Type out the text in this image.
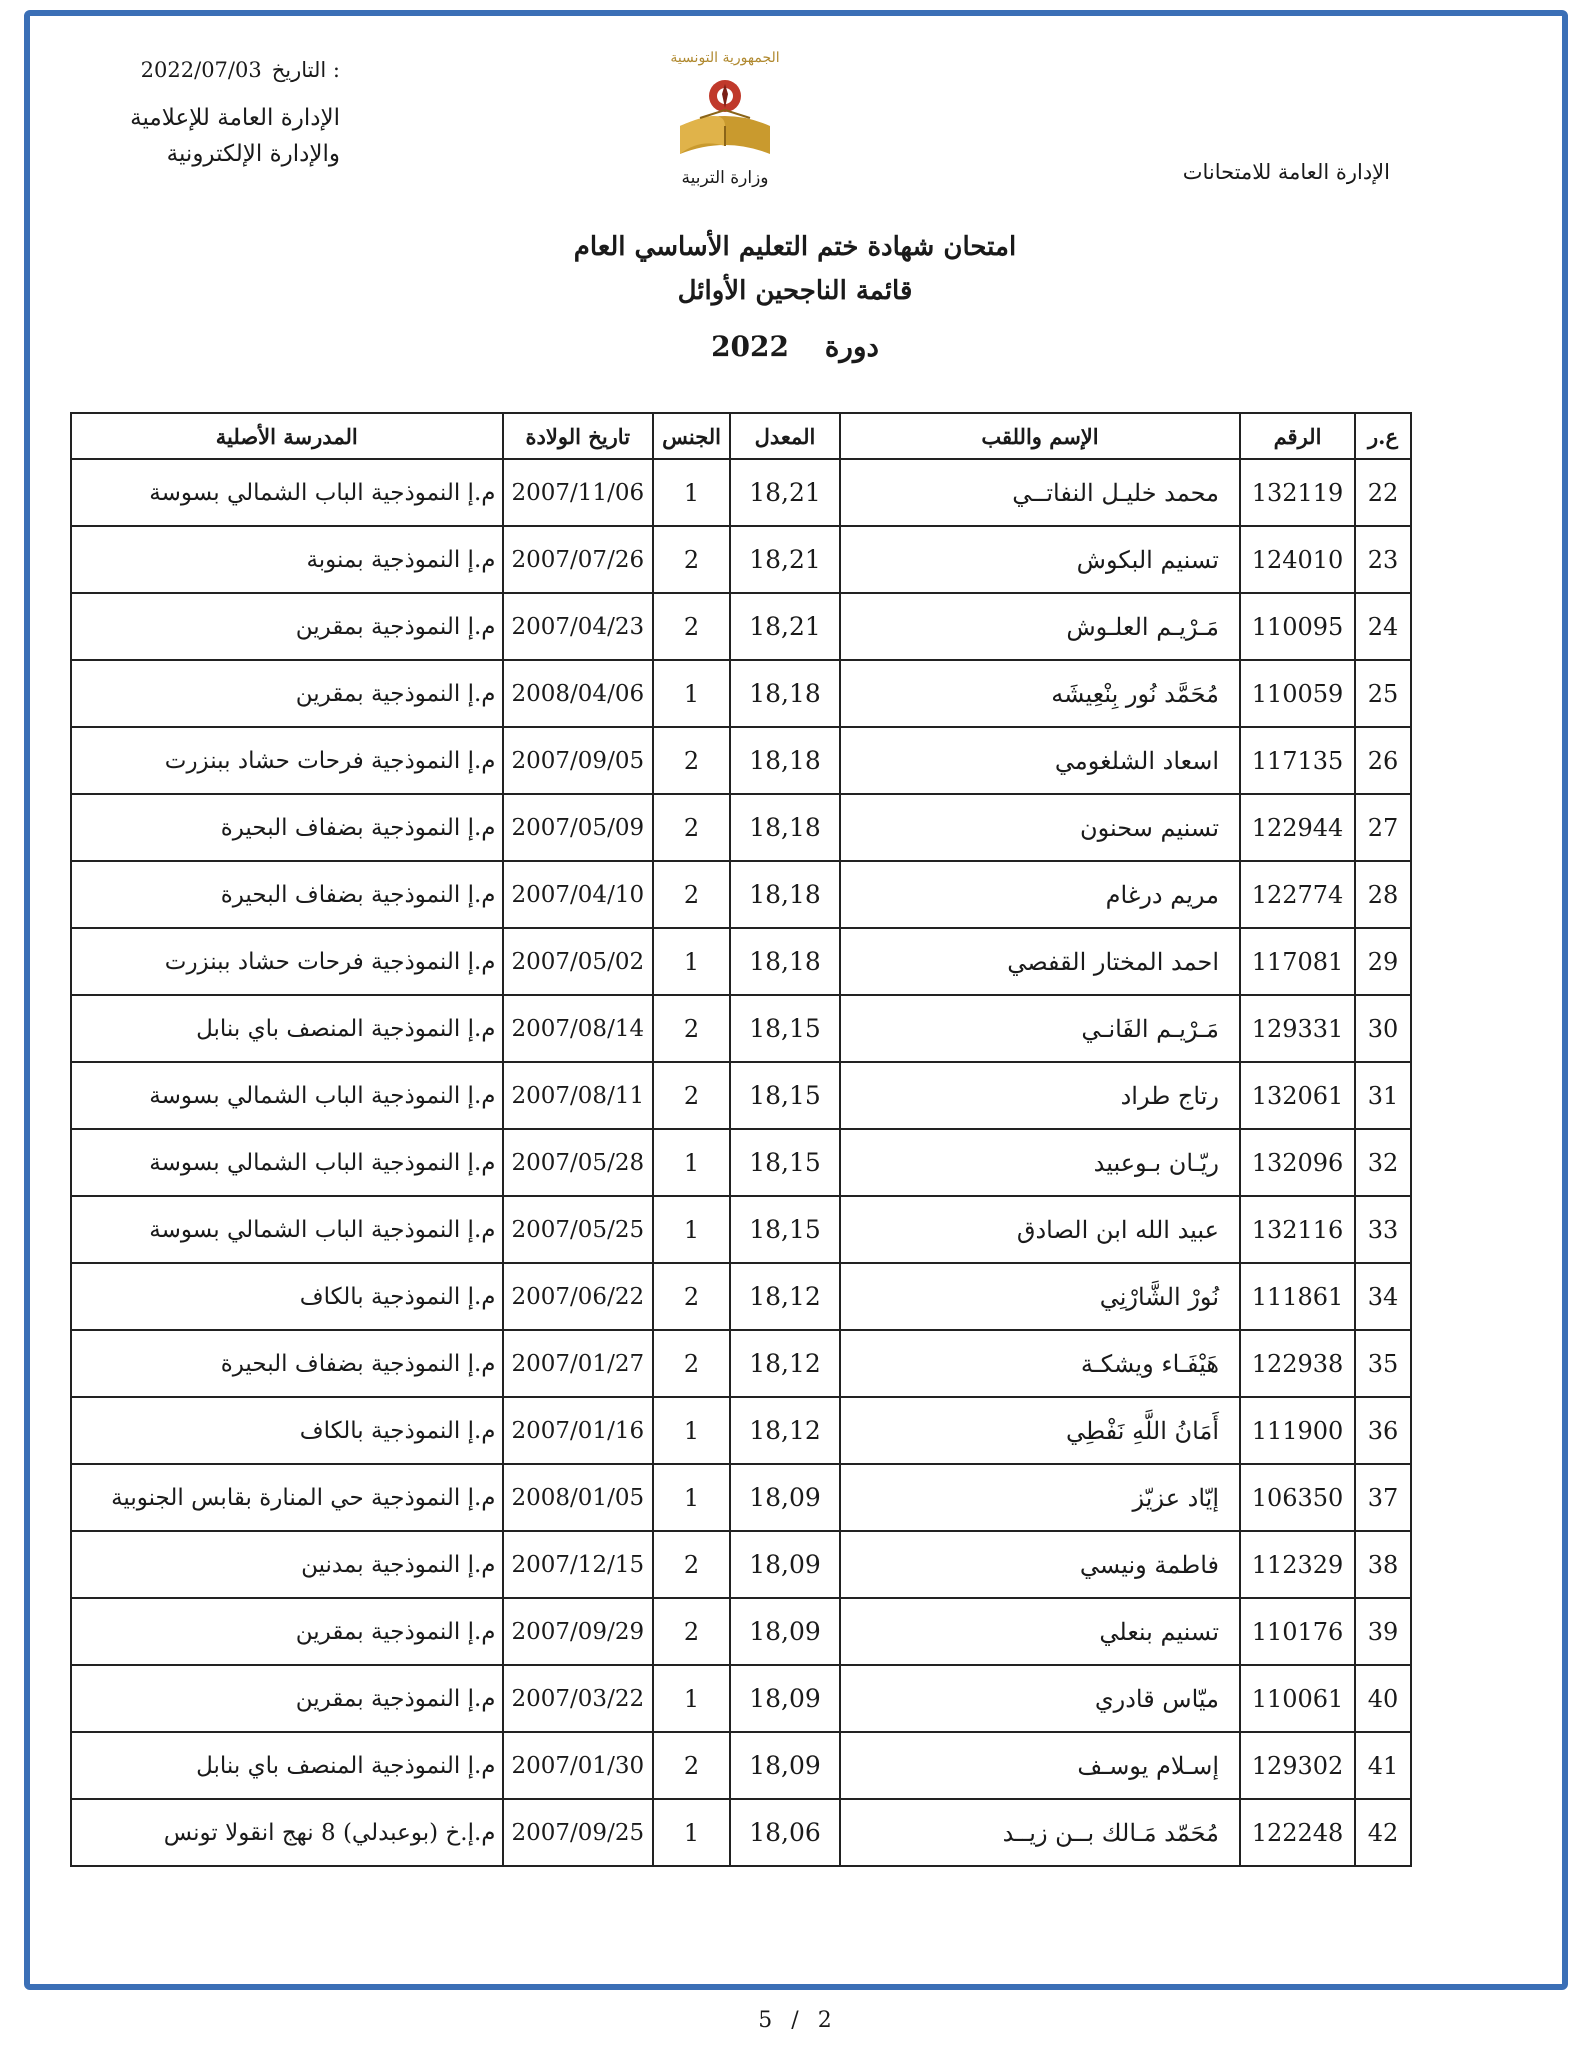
2022/07/03 التاريخ :
الإدارة العامة للإعلامية
والإدارة الإلكترونية
الجمهورية التونسية
وزارة التربية	الإدارة العامة للامتحانات
امتحان شهادة ختم التعليم الأساسي العام
قائمة الناجحين الأوائل
دورة 2022
ع.ر	الرقم	الإسم واللقب	المعدل	الجنس	تاريخ الولادة	المدرسة الأصلية
22	132119	محمد خليـل النفاتــي	18,21	1	2007/11/06	م.إ النموذجية الباب الشمالي بسوسة
23	124010	تسنيم البكوش	18,21	2	2007/07/26	م.إ النموذجية بمنوبة
24	110095	مَـرْيـم العلـوش	18,21	2	2007/04/23	م.إ النموذجية بمقرين
25	110059	مُحَمَّد نُور بِنْعِيشَه	18,18	1	2008/04/06	م.إ النموذجية بمقرين
26	117135	اسعاد الشلغومي	18,18	2	2007/09/05	م.إ النموذجية فرحات حشاد ببنزرت
27	122944	تسنيم سحنون	18,18	2	2007/05/09	م.إ النموذجية بضفاف البحيرة
28	122774	مريم درغام	18,18	2	2007/04/10	م.إ النموذجية بضفاف البحيرة
29	117081	احمد المختار القفصي	18,18	1	2007/05/02	م.إ النموذجية فرحات حشاد ببنزرت
30	129331	مَـرْيـم الفَانـي	18,15	2	2007/08/14	م.إ النموذجية المنصف باي بنابل
31	132061	رتاج طراد	18,15	2	2007/08/11	م.إ النموذجية الباب الشمالي بسوسة
32	132096	ريّـان بـوعبيد	18,15	1	2007/05/28	م.إ النموذجية الباب الشمالي بسوسة
33	132116	عبيد الله ابن الصادق	18,15	1	2007/05/25	م.إ النموذجية الباب الشمالي بسوسة
34	111861	نُورْ الشَّارْنِي	18,12	2	2007/06/22	م.إ النموذجية بالكاف
35	122938	هَيْفَـاء ويشكـة	18,12	2	2007/01/27	م.إ النموذجية بضفاف البحيرة
36	111900	أَمَانُ اللَّهِ نَفْطِي	18,12	1	2007/01/16	م.إ النموذجية بالكاف
37	106350	إيّاد عزيّز	18,09	1	2008/01/05	م.إ النموذجية حي المنارة بقابس الجنوبية
38	112329	فاطمة ونيسي	18,09	2	2007/12/15	م.إ النموذجية بمدنين
39	110176	تسنيم بنعلي	18,09	2	2007/09/29	م.إ النموذجية بمقرين
40	110061	ميّاس قادري	18,09	1	2007/03/22	م.إ النموذجية بمقرين
41	129302	إسـلام يوسـف	18,09	2	2007/01/30	م.إ النموذجية المنصف باي بنابل
42	122248	مُحَمّد مَـالك بــن زيــد	18,06	1	2007/09/25	م.إ.خ (بوعبدلي) 8 نهج انقولا تونس
5 / 2
